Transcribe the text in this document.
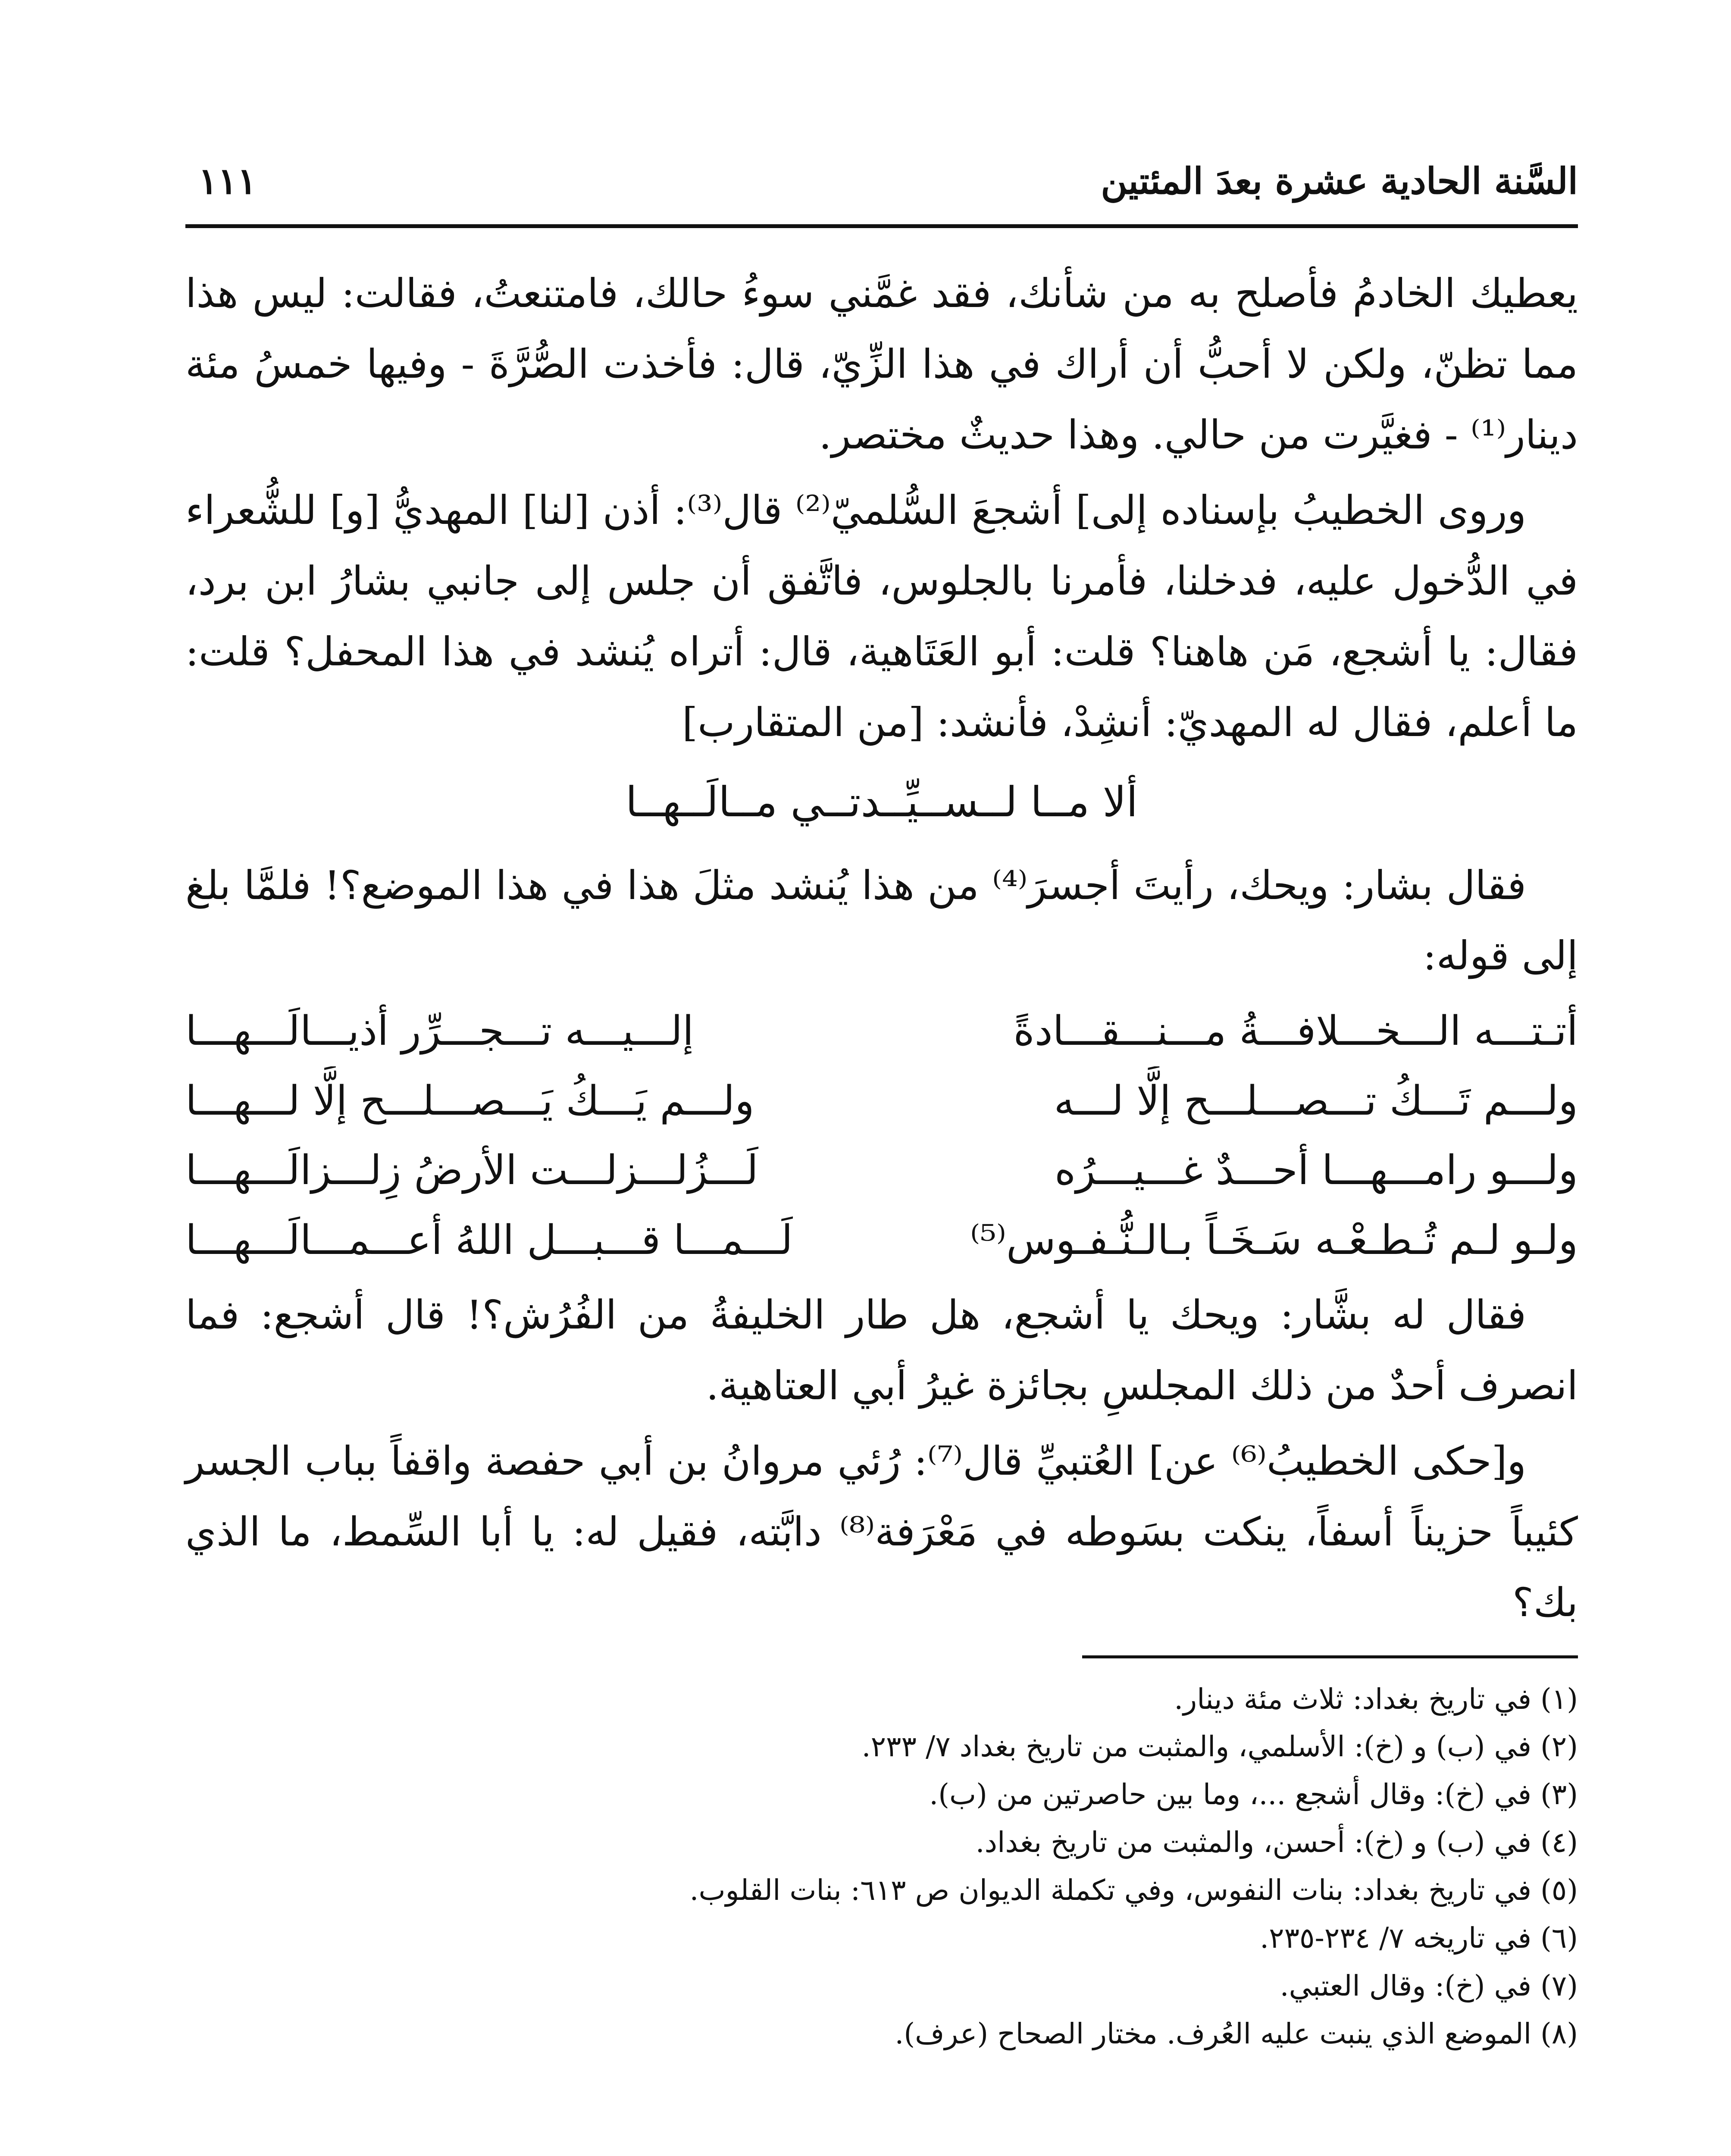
السَّنة الحادية عشرة بعدَ المئتين
١١١

يعطيك الخادمُ فأصلح به من شأنك، فقد غمَّني سوءُ حالك، فامتنعتُ، فقالت: ليس هذا مما تظنّ، ولكن لا أحبُّ أن أراك في هذا الزِّيّ، قال: فأخذت الصُّرَّةَ - وفيها خمسُ مئة دينار⁽¹⁾ - فغيَّرت من حالي. وهذا حديثٌ مختصر.

وروى الخطيبُ بإسناده إلى] أشجعَ السُّلميّ⁽²⁾ قال⁽³⁾: أذن [لنا] المهديُّ [و] للشُّعراء في الدُّخول عليه، فدخلنا، فأمرنا بالجلوس، فاتَّفق أن جلس إلى جانبي بشارُ ابن برد، فقال: يا أشجع، مَن هاهنا؟ قلت: أبو العَتَاهية، قال: أتراه يُنشد في هذا المحفل؟ قلت: ما أعلم، فقال له المهديّ: أنشِدْ، فأنشد: [من المتقارب]

ألا مــا لــســيِّــدتــي مــالَــهــا

فقال بشار: ويحك، رأيتَ أجسرَ⁽⁴⁾ من هذا يُنشد مثلَ هذا في هذا الموضع؟! فلمَّا بلغ إلى قوله:

أتـتـــه الـــخـــلافـــةُ مـــنـــقـــادةً
إلـــيـــه تـــجـــرِّر أذيـــالَـــهـــا
ولـــم تَـــكُ تـــصـــلـــح إلَّا لـــه
ولـــم يَـــكُ يَـــصـــلـــح إلَّا لـــهـــا
ولـــو رامـــهـــا أحـــدٌ غـــيـــرُه
لَـــزُلـــزلـــت الأرضُ زِلـــزالَـــهـــا
ولـو لـم تُـطـعْـه سَـخَـاً بـالـنُّـفـوس⁽⁵⁾
لَـــمـــا قـــبـــل اللهُ أعـــمـــالَـــهـــا

فقال له بشَّار: ويحك يا أشجع، هل طار الخليفةُ من الفُرُش؟! قال أشجع: فما انصرف أحدٌ من ذلك المجلسِ بجائزة غيرُ أبي العتاهية.

و[حكى الخطيبُ⁽⁶⁾ عن] العُتبيِّ قال⁽⁷⁾: رُئي مروانُ بن أبي حفصة واقفاً بباب الجسر كئيباً حزيناً أسفاً، ينكت بسَوطه في مَعْرَفة⁽⁸⁾ دابَّته، فقيل له: يا أبا السِّمط، ما الذي بك؟

(١) في تاريخ بغداد: ثلاث مئة دينار.
(٢) في (ب) و (خ): الأسلمي، والمثبت من تاريخ بغداد ٧/ ٢٣٣.
(٣) في (خ): وقال أشجع ...، وما بين حاصرتين من (ب).
(٤) في (ب) و (خ): أحسن، والمثبت من تاريخ بغداد.
(٥) في تاريخ بغداد: بنات النفوس، وفي تكملة الديوان ص ٦١٣: بنات القلوب.
(٦) في تاريخه ٧/ ٢٣٤-٢٣٥.
(٧) في (خ): وقال العتبي.
(٨) الموضع الذي ينبت عليه العُرف. مختار الصحاح (عرف).
